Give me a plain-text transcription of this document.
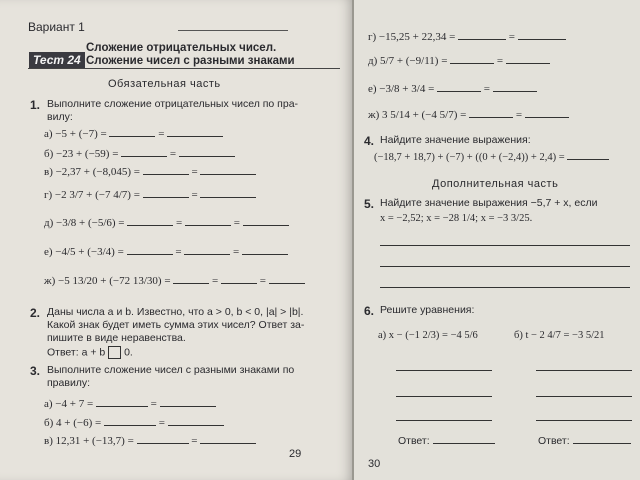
Вариант 1
Тест 24
Сложение отрицательных чисел.
Сложение чисел с разными знаками
Обязательная часть
1. Выполните сложение отрицательных чисел по пра-
вилу:
а) −5 + (−7) =	=
б) −23 + (−59) =	=
в) −2,37 + (−8,045) =	=
г) −2 3/7 + (−7 4/7) =	=
д) −3/8 + (−5/6) =	=	=
е) −4/5 + (−3/4) =	=	=
ж) −5 13/20 + (−72 13/30) =	=	=
2. Даны числа a и b. Известно, что a > 0, b < 0, |a| > |b|.
Какой знак будет иметь сумма этих чисел? Ответ за-
пишите в виде неравенства.
Ответ: a + b 0.
3. Выполните сложение чисел с разными знаками по
правилу:
а) −4 + 7 =	=
б) 4 + (−6) =	=
в) 12,31 + (−13,7) =	=
29
г) −15,25 + 22,34 =	=
д) 5/7 + (−9/11) =	=
е) −3/8 + 3/4 =	=
ж) 3 5/14 + (−4 5/7) =	=
4. Найдите значение выражения:
(−18,7 + 18,7) + (−7) + ((0 + (−2,4)) + 2,4) =
Дополнительная часть
5. Найдите значение выражения −5,7 + x, если
x = −2,52; x = −28 1/4; x = −3 3/25.
6. Решите уравнения:
а) x − (−1 2/3) = −4 5/6	б) t − 2 4/7 = −3 5/21
Ответ:	Ответ:
30
